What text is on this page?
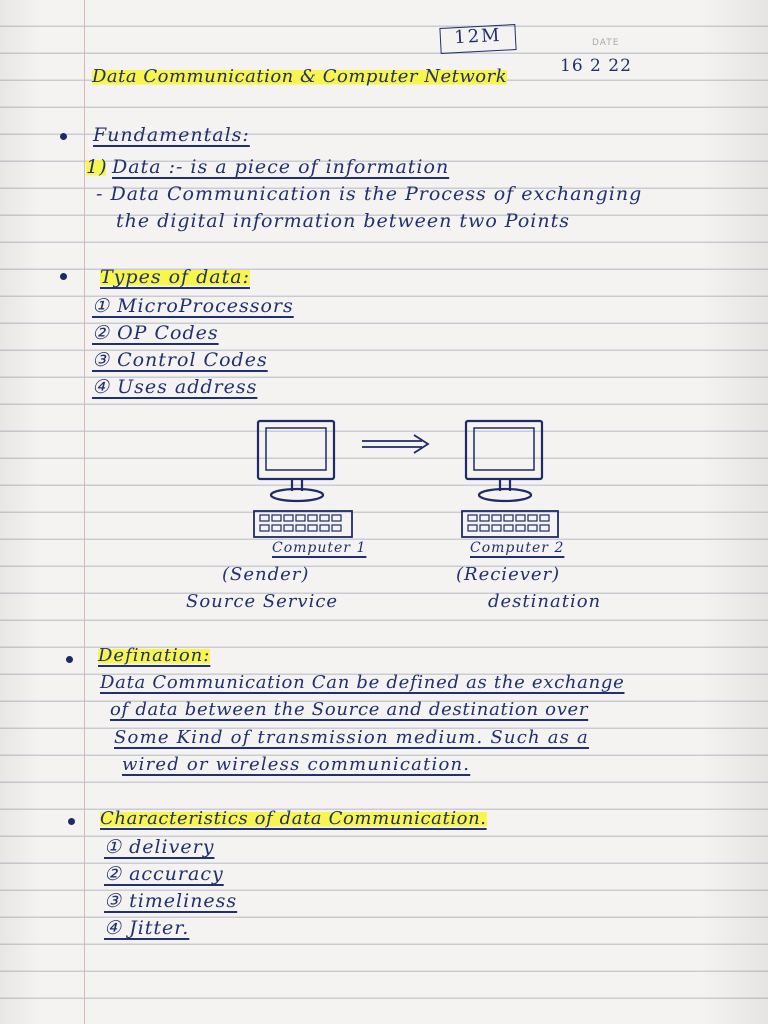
12M	DATE
16 2 22
Data Communication & Computer Network
Fundamentals:
1) Data :- is a piece of information
- Data Communication is the Process of exchanging
the digital information between two Points
Types of data:
① MicroProcessors
② OP Codes
③ Control Codes
④ Uses address
Computer 1	Computer 2
(Sender)	(Reciever)
Source Service	destination
Defination:
Data Communication Can be defined as the exchange
of data between the Source and destination over
Some Kind of transmission medium. Such as a
wired or wireless communication.
Characteristics of data Communication.
① delivery
② accuracy
③ timeliness
④ Jitter.
